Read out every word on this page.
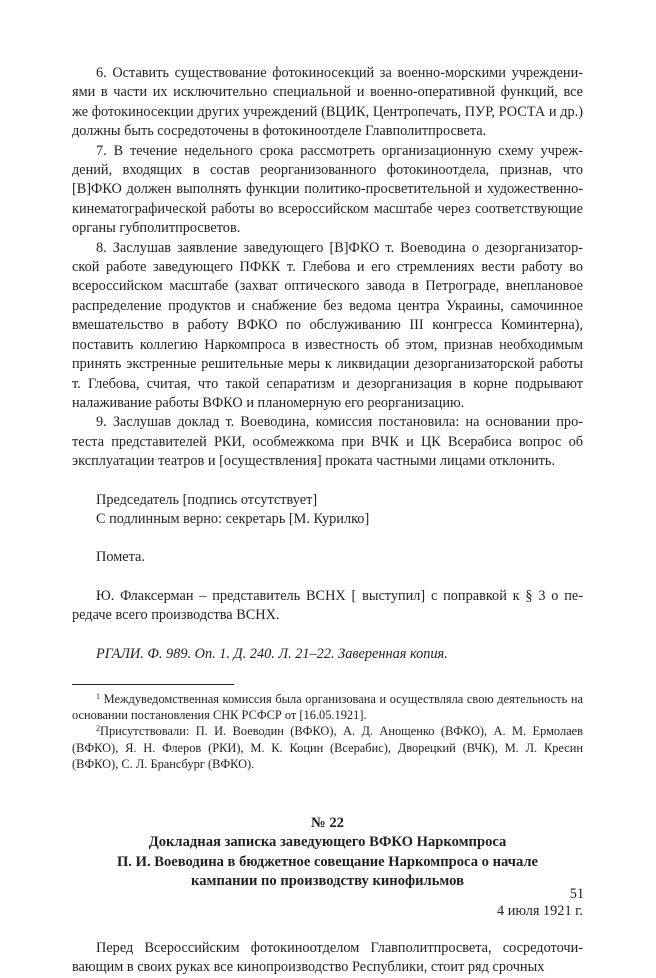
6. Оставить существование фотокиносекций за военно-морскими учреждениями в части их исключительно специальной и военно-оперативной функций, все же фотокиносекции других учреждений (ВЦИК, Центропечать, ПУР, РОСТА и др.) должны быть сосредоточены в фотокиноотделе Главполитпросвета.

7. В течение недельного срока рассмотреть организационную схему учреждений, входящих в состав реорганизованного фотокиноотдела, признав, что [В]ФКО должен выполнять функции политико-просветительной и художественно-кинематографической работы во всероссийском масштабе через соответствующие органы губполитпросветов.

8. Заслушав заявление заведующего [В]ФКО т. Воеводина о дезорганизаторской работе заведующего ПФКК т. Глебова и его стремлениях вести работу во всероссийском масштабе (захват оптического завода в Петрограде, внеплановое распределение продуктов и снабжение без ведома центра Украины, самочинное вмешательство в работу ВФКО по обслуживанию III конгресса Коминтерна), поставить коллегию Наркомпроса в известность об этом, признав необходимым принять экстренные решительные меры к ликвидации дезорганизаторской работы т. Глебова, считая, что такой сепаратизм и дезорганизация в корне подрывают налаживание работы ВФКО и планомерную его реорганизацию.

9. Заслушав доклад т. Воеводина, комиссия постановила: на основании протеста представителей РКИ, особмежкома при ВЧК и ЦК Всерабиса вопрос об эксплуатации театров и [осуществления] проката частными лицами отклонить.

Председатель [подпись отсутствует]

С подлинным верно: секретарь [М. Курилко]

Помета.

Ю. Флаксерман – представитель ВСНХ [ выступил] с поправкой к § 3 о передаче всего производства ВСНХ.

РГАЛИ. Ф. 989. Оп. 1. Д. 240. Л. 21–22. Заверенная копия.

$^1$ Междуведомственная комиссия была организована и осуществляла свою деятельность на основании постановления СНК РСФСР от [16.05.1921].

$^2$Присутствовали: П. И. Воеводин (ВФКО), А. Д. Анощенко (ВФКО), А. М. Ермолаев (ВФКО), Я. Н. Флеров (РКИ), М. К. Коцин (Всерабис), Дворецкий (ВЧК), М. Л. Кресин (ВФКО), С. Л. Брансбург (ВФКО).

№ 22
Докладная записка заведующего ВФКО Наркомпроса
П. И. Воеводина в бюджетное совещание Наркомпроса о начале
кампании по производству кинофильмов
4 июля 1921 г.

Перед Всероссийским фотокиноотделом Главполитпросвета, сосредоточивающим в своих руках все кинопроизводство Республики, стоит ряд срочных

51
